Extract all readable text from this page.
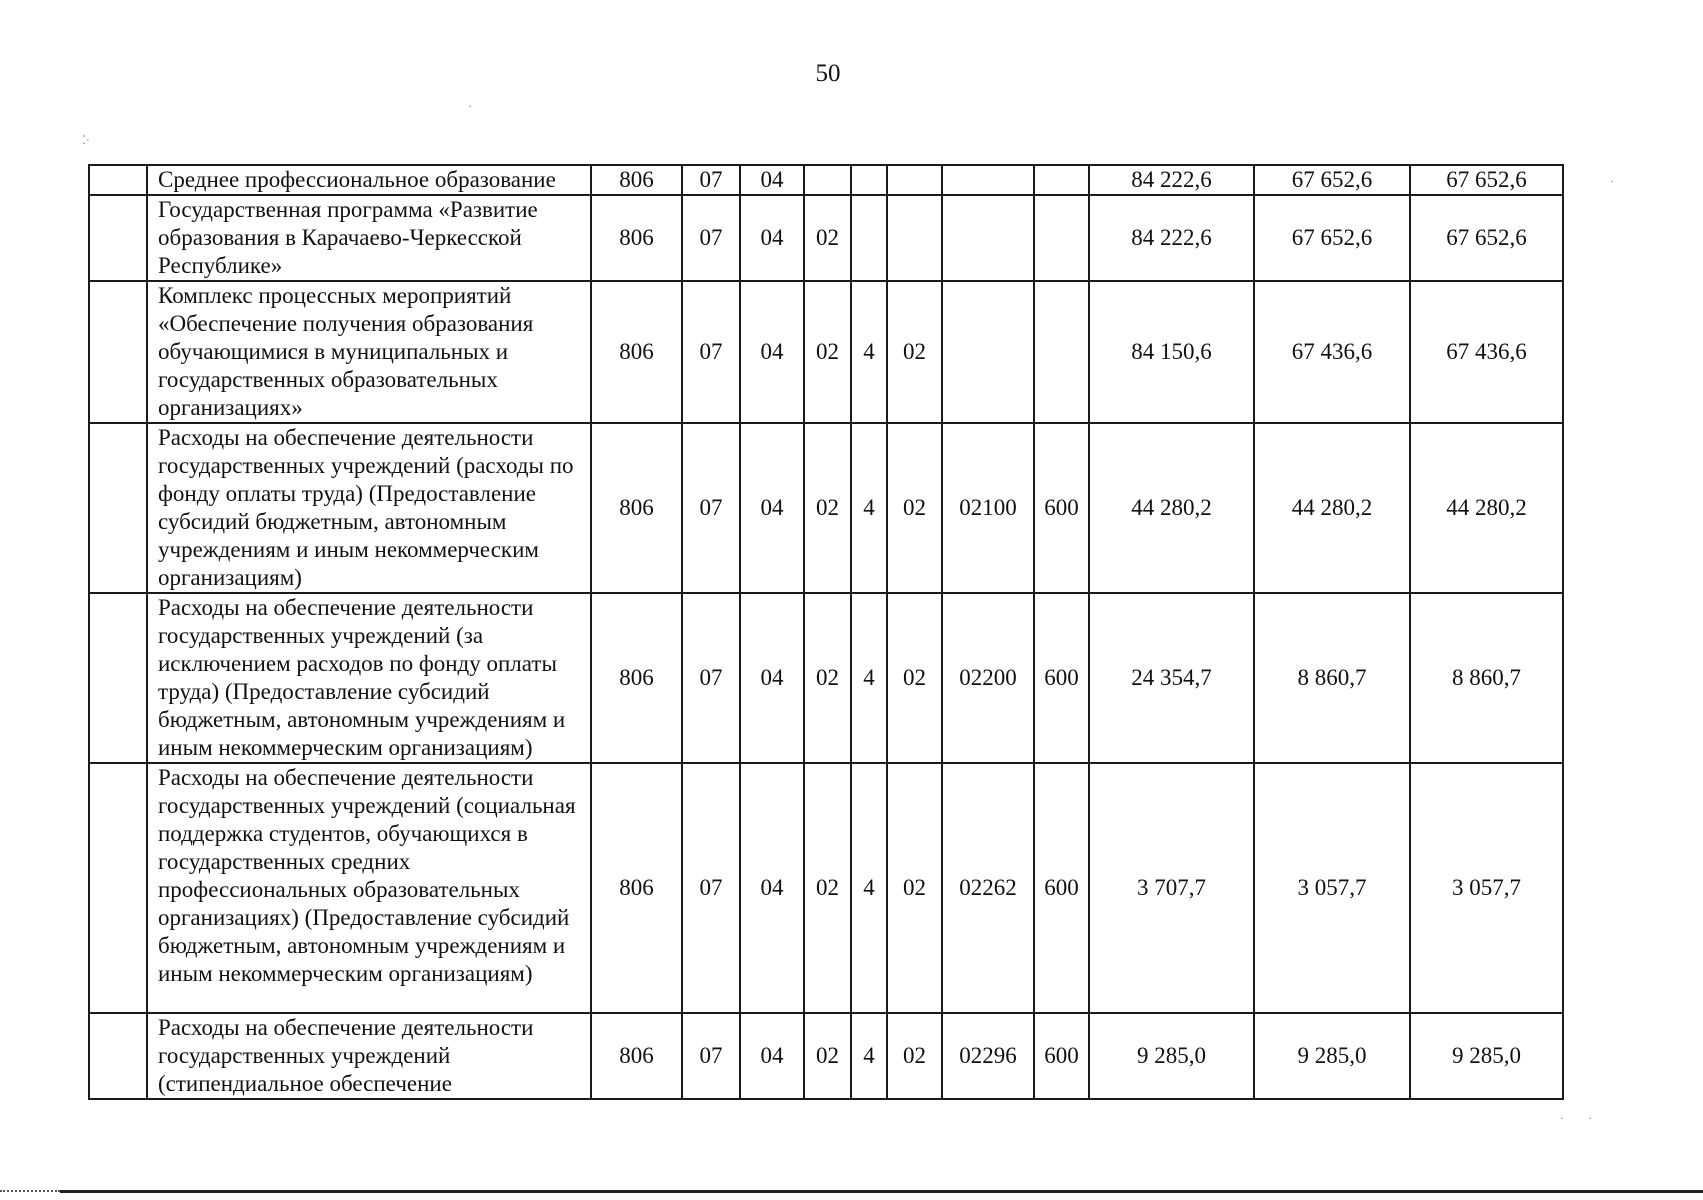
50
⁚·
·
·
·        ·
	Среднее профессиональное образование	806	07	04						84 222,6	67 652,6	67 652,6
	Государственная программа «Развитие образования в Карачаево-Черкесской Республике»	806	07	04	02					84 222,6	67 652,6	67 652,6
	Комплекс процессных мероприятий «Обеспечение получения образования обучающимися в муниципальных и государственных образовательных организациях»	806	07	04	02	4	02			84 150,6	67 436,6	67 436,6
	Расходы на обеспечение деятельности государственных учреждений (расходы по фонду оплаты труда) (Предоставление субсидий бюджетным, автономным учреждениям и иным некоммерческим организациям)	806	07	04	02	4	02	02100	600	44 280,2	44 280,2	44 280,2
	Расходы на обеспечение деятельности государственных учреждений (за исключением расходов по фонду оплаты труда) (Предоставление субсидий бюджетным, автономным учреждениям и иным некоммерческим организациям)	806	07	04	02	4	02	02200	600	24 354,7	8 860,7	8 860,7
	Расходы на обеспечение деятельности государственных учреждений (социальная поддержка студентов, обучающихся в государственных средних профессиональных образовательных организациях) (Предоставление субсидий бюджетным, автономным учреждениям и иным некоммерческим организациям)	806	07	04	02	4	02	02262	600	3 707,7	3 057,7	3 057,7
	Расходы на обеспечение деятельности государственных учреждений (стипендиальное обеспечение	806	07	04	02	4	02	02296	600	9 285,0	9 285,0	9 285,0
